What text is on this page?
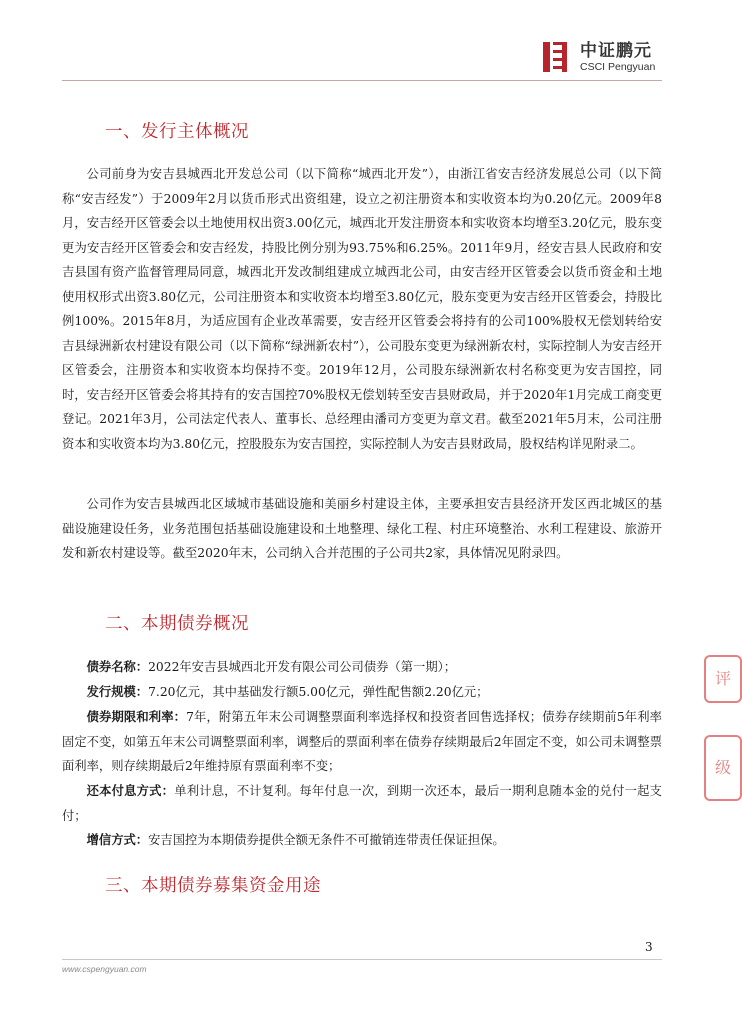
中证鹏元
CSCI Pengyuan
一、发行主体概况

公司前身为安吉县城西北开发总公司（以下简称“城西北开发”），由浙江省安吉经济发展总公司（以下简称“安吉经发”）于2009年2月以货币形式出资组建，设立之初注册资本和实收资本均为0.20亿元。2009年8月，安吉经开区管委会以土地使用权出资3.00亿元，城西北开发注册资本和实收资本均增至3.20亿元，股东变更为安吉经开区管委会和安吉经发，持股比例分别为93.75%和6.25%。2011年9月，经安吉县人民政府和安吉县国有资产监督管理局同意，城西北开发改制组建成立城西北公司，由安吉经开区管委会以货币资金和土地使用权形式出资3.80亿元，公司注册资本和实收资本均增至3.80亿元，股东变更为安吉经开区管委会，持股比例100%。2015年8月，为适应国有企业改革需要，安吉经开区管委会将持有的公司100%股权无偿划转给安吉县绿洲新农村建设有限公司（以下简称“绿洲新农村”），公司股东变更为绿洲新农村，实际控制人为安吉经开区管委会，注册资本和实收资本均保持不变。2019年12月，公司股东绿洲新农村名称变更为安吉国控，同时，安吉经开区管委会将其持有的安吉国控70%股权无偿划转至安吉县财政局，并于2020年1月完成工商变更登记。2021年3月，公司法定代表人、董事长、总经理由潘司方变更为章文君。截至2021年5月末，公司注册资本和实收资本均为3.80亿元，控股股东为安吉国控，实际控制人为安吉县财政局，股权结构详见附录二。

公司作为安吉县城西北区域城市基础设施和美丽乡村建设主体，主要承担安吉县经济开发区西北城区的基础设施建设任务，业务范围包括基础设施建设和土地整理、绿化工程、村庄环境整治、水利工程建设、旅游开发和新农村建设等。截至2020年末，公司纳入合并范围的子公司共2家，具体情况见附录四。

二、本期债券概况

债券名称：2022年安吉县城西北开发有限公司公司债券（第一期）；

发行规模：7.20亿元，其中基础发行额5.00亿元，弹性配售额2.20亿元；

债券期限和利率：7年，附第五年末公司调整票面利率选择权和投资者回售选择权；债券存续期前5年利率固定不变，如第五年末公司调整票面利率，调整后的票面利率在债券存续期最后2年固定不变，如公司未调整票面利率，则存续期最后2年维持原有票面利率不变；

还本付息方式：单利计息，不计复利。每年付息一次，到期一次还本，最后一期利息随本金的兑付一起支付；

增信方式：安吉国控为本期债券提供全额无条件不可撤销连带责任保证担保。

三、本期债券募集资金用途
评
级
3
www.cspengyuan.com
